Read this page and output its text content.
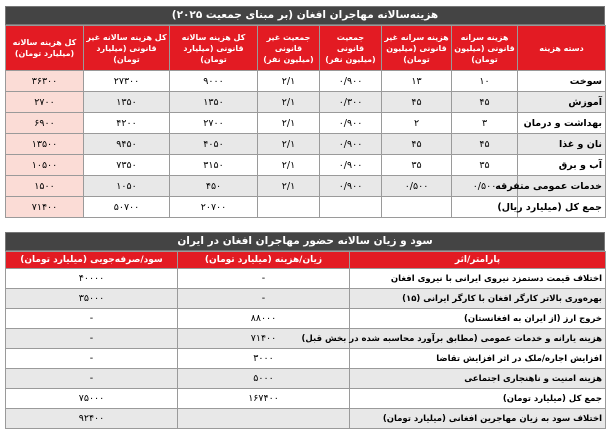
هزینه‌سالانه مهاجران افغان (بر مبنای جمعیت ۲۰۲۵)
دسته هزینه	هزینه سرانه قانونی (میلیون تومان)	هزینه سرانه غیر قانونی (میلیون تومان)	جمعیت قانونی (میلیون نفر)	جمعیت غیر قانونی (میلیون نفر)	کل هزینه سالانه قانونی (میلیارد تومان)	کل هزینه سالانه غیر قانونی (میلیارد تومان)	کل هزینه سالانه (میلیارد تومان)
سوخت	۱۰	۱۳	۰/۹۰۰	۲/۱	۹۰۰۰	۲۷۳۰۰	۳۶۳۰۰
آموزش	۴۵	۴۵	۰/۳۰۰	۲/۱	۱۳۵۰	۱۳۵۰	۲۷۰۰
بهداشت و درمان	۳	۲	۰/۹۰۰	۲/۱	۲۷۰۰	۴۲۰۰	۶۹۰۰
نان و غذا	۴۵	۴۵	۰/۹۰۰	۲/۱	۴۰۵۰	۹۴۵۰	۱۳۵۰۰
آب و برق	۳۵	۳۵	۰/۹۰۰	۲/۱	۳۱۵۰	۷۳۵۰	۱۰۵۰۰
خدمات عمومی متفرقه	۰/۵۰۰	۰/۵۰۰	۰/۹۰۰	۲/۱	۴۵۰	۱۰۵۰	۱۵۰۰
جمع کل (میلیارد ریال)					۲۰۷۰۰	۵۰۷۰۰	۷۱۴۰۰
سود و زیان سالانه حضور مهاجران افغان در ایران
پارامتر/اثر	زیان/هزینه (میلیارد تومان)	سود/صرفه‌جویی (میلیارد تومان)
اختلاف قیمت دستمزد نیروی ایرانی با نیروی افغان	-	۴۰۰۰۰
بهره‌وری بالاتر کارگر افغان با کارگر ایرانی (۱۵)	-	۳۵۰۰۰
خروج ارز (از ایران به افغانستان)	۸۸۰۰۰	-
هزینه یارانه و خدمات عمومی (مطابق برآورد محاسبه شده در بخش قبل)	۷۱۴۰۰	-
افزایش اجاره/ملک در اثر افزایش تقاضا	۳۰۰۰	-
هزینه امنیت و ناهنجاری اجتماعی	۵۰۰۰	-
جمع کل (میلیارد تومان)	۱۶۷۴۰۰	۷۵۰۰۰
اختلاف سود به زیان مهاجرین افغانی (میلیارد تومان)		۹۲۴۰۰
